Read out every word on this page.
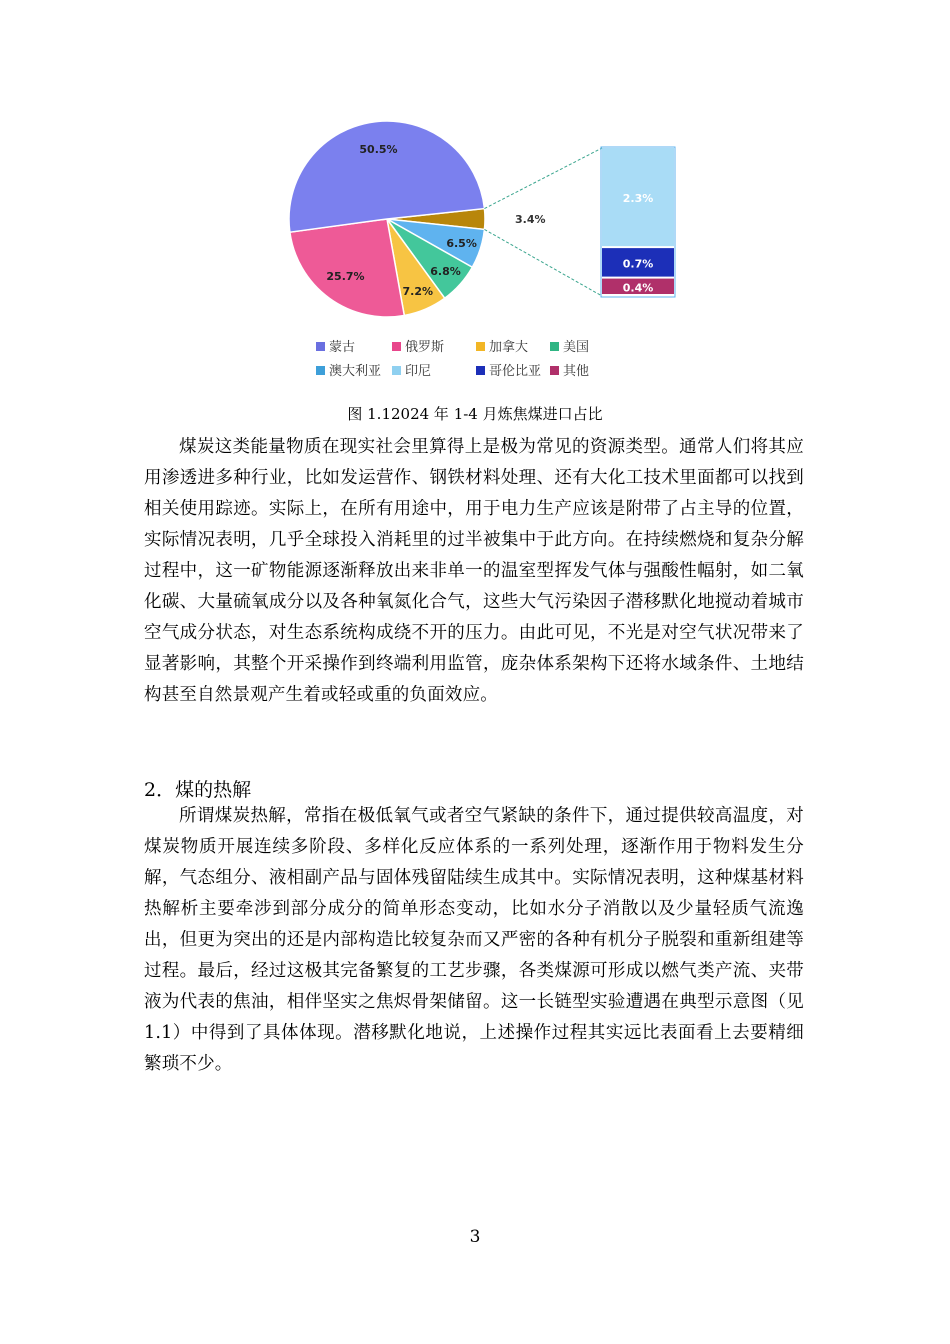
3.4%
6.5%
6.8%
7.2%
25.7%
50.5%
2.3%
0.7%
0.4%
蒙古	俄罗斯	加拿大	美国
澳大利亚 印尼	哥伦比亚 其他
图 1.12024 年 1-4 月炼焦煤进口占比

煤炭这类能量物质在现实社会里算得上是极为常见的资源类型。通常人们将其应用渗透进多种行业，比如发运营作、钢铁材料处理、还有大化工技术里面都可以找到相关使用踪迹。实际上，在所有用途中，用于电力生产应该是附带了占主导的位置，实际情况表明，几乎全球投入消耗里的过半被集中于此方向。在持续燃烧和复杂分解过程中，这一矿物能源逐渐释放出来非单一的温室型挥发气体与强酸性幅射，如二氧化碳、大量硫氧成分以及各种氧氮化合气，这些大气污染因子潜移默化地搅动着城市空气成分状态，对生态系统构成绕不开的压力。由此可见，不光是对空气状况带来了显著影响，其整个开采操作到终端利用监管，庞杂体系架构下还将水域条件、土地结构甚至自然景观产生着或轻或重的负面效应。

2．煤的热解

所谓煤炭热解，常指在极低氧气或者空气紧缺的条件下，通过提供较高温度，对煤炭物质开展连续多阶段、多样化反应体系的一系列处理，逐渐作用于物料发生分解，气态组分、液相副产品与固体残留陆续生成其中。实际情况表明，这种煤基材料热解析主要牵涉到部分成分的简单形态变动，比如水分子消散以及少量轻质气流逸出，但更为突出的还是内部构造比较复杂而又严密的各种有机分子脱裂和重新组建等过程。最后，经过这极其完备繁复的工艺步骤，各类煤源可形成以燃气类产流、夹带液为代表的焦油，相伴坚实之焦烬骨架储留。这一长链型实验遭遇在典型示意图（见 1.1）中得到了具体体现。潜移默化地说，上述操作过程其实远比表面看上去要精细繁琐不少。

3
